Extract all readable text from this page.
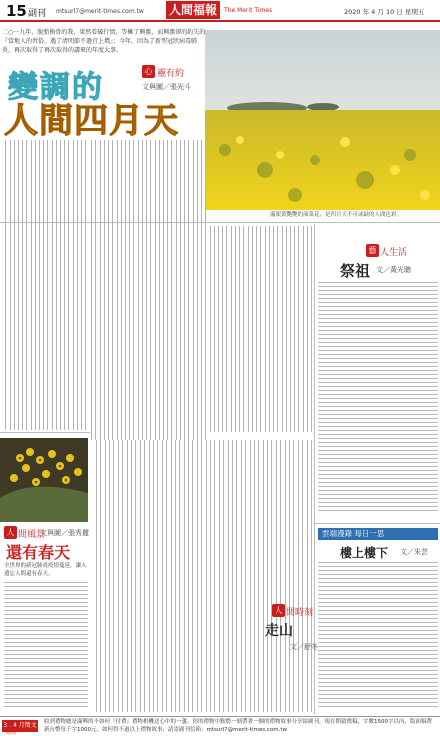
15 副刊 mtsurl7@merit-times.com.tw 人間福報	The Merit Times	2020 年 4 月 10 日 星期五
二○一九年，脫胎換骨的我，果然看破行情，等擁了興奮，而興奮卻的約失的『當地人的習俗，遇了清明節不過宜上墳』；今年，因為了新型冠狀病毒肺炎，再次取得了再次取得的講來的年度大事。
變調的	心 靈有約
文與圖／張光斗
人間四月天
滿眼黃艷艷的油菜花，是四月天不可或缺的人間色彩。
人 間風景
文與圖／張秀麗
還有春天
全世界的新冠肺炎疫情蔓延，讓人遺忘人間還有春天。
藝 人生活
祭祖 文／黃光聰
雲端漫錄 每日一思
樓上樓下 文／朱芸
人 間時刻
走山
文／舒冬
3 ․ 4 月徵文
禮物
收到禮物總是滿興的不如何『付禮』禮物相機送心中的一盞。你的禮物中點燃一刻帶著一個的禮物故事分享給副刊，現在開啟徵稿，字數1500字以內，版面稿費新台幣每千字1000元，如何得不過以上禮物故事，請寄副刊信箱：mtsurl7@merit-times.com.tw
